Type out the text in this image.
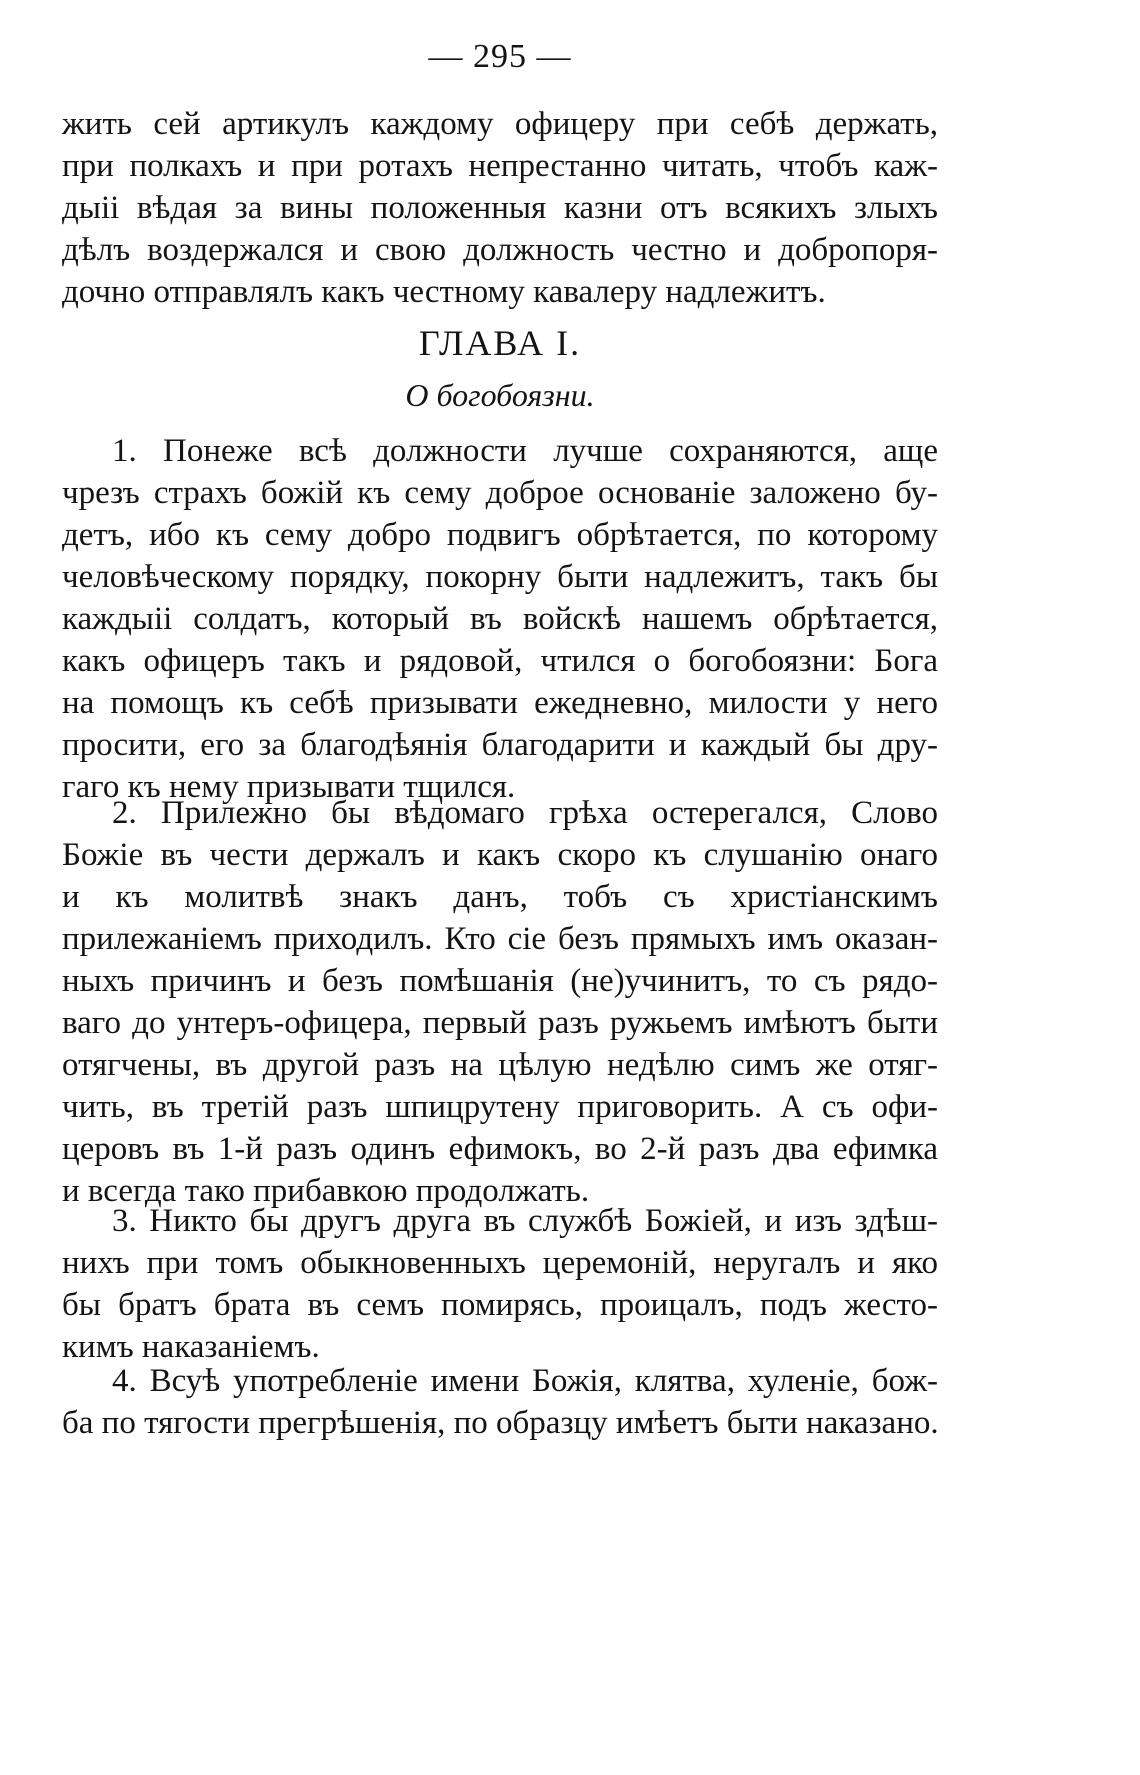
— 295 —
жить сей артикулъ каждому офицеру при себѣ держать,
при полкахъ и при ротахъ непрестанно читать, чтобъ каж-
дыіі вѣдая за вины положенныя казни отъ всякихъ злыхъ
дѣлъ воздержался и свою должность честно и добропоря-
дочно отправлялъ какъ честному кавалеру надлежитъ.
ГЛАВА I.
О богобоязни.
1. Понеже всѣ должности лучше сохраняются, аще
чрезъ страхъ божій къ сему доброе основаніе заложено бу-
детъ, ибо къ сему добро подвигъ обрѣтается, по которому
человѣческому порядку, покорну быти надлежитъ, такъ бы
каждыіі солдатъ, который въ войскѣ нашемъ обрѣтается,
какъ офицеръ такъ и рядовой, чтился о богобоязни: Бога
на помощъ къ себѣ призывати ежедневно, милости у него
просити, его за благодѣянія благодарити и каждый бы дру-
гаго къ нему призывати тщился.
2. Прилежно бы вѣдомаго грѣха остерегался, Слово
Божіе въ чести держалъ и какъ скоро къ слушанію онаго
и къ молитвѣ знакъ данъ, тобъ съ христіанскимъ
прилежаніемъ приходилъ. Кто сіе безъ прямыхъ имъ оказан-
ныхъ причинъ и безъ помѣшанія (не)учинитъ, то съ рядо-
ваго до унтеръ-офицера, первый разъ ружьемъ имѣютъ быти
отягчены, въ другой разъ на цѣлую недѣлю симъ же отяг-
чить, въ третій разъ шпицрутену приговорить. А съ офи-
церовъ въ 1-й разъ одинъ ефимокъ, во 2-й разъ два ефимка
и всегда тако прибавкою продолжать.
3. Никто бы другъ друга въ службѣ Божіей, и изъ здѣш-
нихъ при томъ обыкновенныхъ церемоній, неругалъ и яко
бы братъ брата въ семъ помирясь, проицалъ, подъ жесто-
кимъ наказаніемъ.
4. Всуѣ употребленіе имени Божія, клятва, хуленіе, бож-
ба по тягости прегрѣшенія, по образцу имѣетъ быти наказано.
